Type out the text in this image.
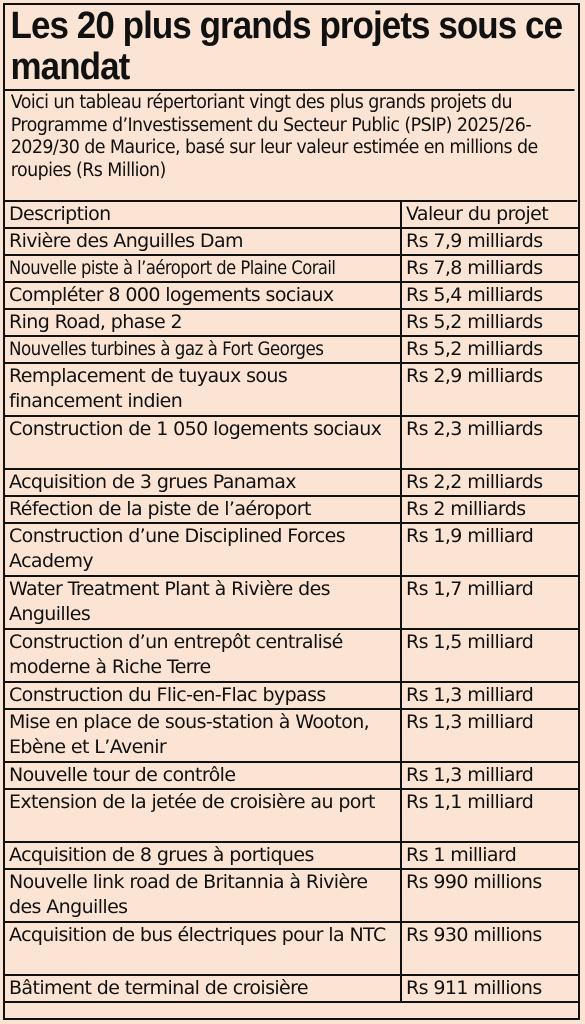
Les 20 plus grands projets sous ce mandat

Voici un tableau répertoriant vingt des plus grands projets du Programme d’Investissement du Secteur Public (PSIP) 2025/26-2029/30 de Maurice, basé sur leur valeur estimée en millions de roupies (Rs Million)

Description	Valeur du projet
Rivière des Anguilles Dam	Rs 7,9 milliards
Nouvelle piste à l’aéroport de Plaine Corail	Rs 7,8 milliards
Compléter 8 000 logements sociaux	Rs 5,4 milliards
Ring Road, phase 2	Rs 5,2 milliards
Nouvelles turbines à gaz à Fort Georges	Rs 5,2 milliards
Remplacement de tuyaux sous financement indien	Rs 2,9 milliards
Construction de 1 050 logements sociaux	Rs 2,3 milliards
Acquisition de 3 grues Panamax	Rs 2,2 milliards
Réfection de la piste de l’aéroport	Rs 2 milliards
Construction d’une Disciplined Forces Academy	Rs 1,9 milliard
Water Treatment Plant à Rivière des Anguilles	Rs 1,7 milliard
Construction d’un entrepôt centralisé moderne à Riche Terre	Rs 1,5 milliard
Construction du Flic-en-Flac bypass	Rs 1,3 milliard
Mise en place de sous-station à Wooton, Ebène et L’Avenir	Rs 1,3 milliard
Nouvelle tour de contrôle	Rs 1,3 milliard
Extension de la jetée de croisière au port	Rs 1,1 milliard
Acquisition de 8 grues à portiques	Rs 1 milliard
Nouvelle link road de Britannia à Rivière des Anguilles	Rs 990 millions
Acquisition de bus électriques pour la NTC	Rs 930 millions
Bâtiment de terminal de croisière	Rs 911 millions
